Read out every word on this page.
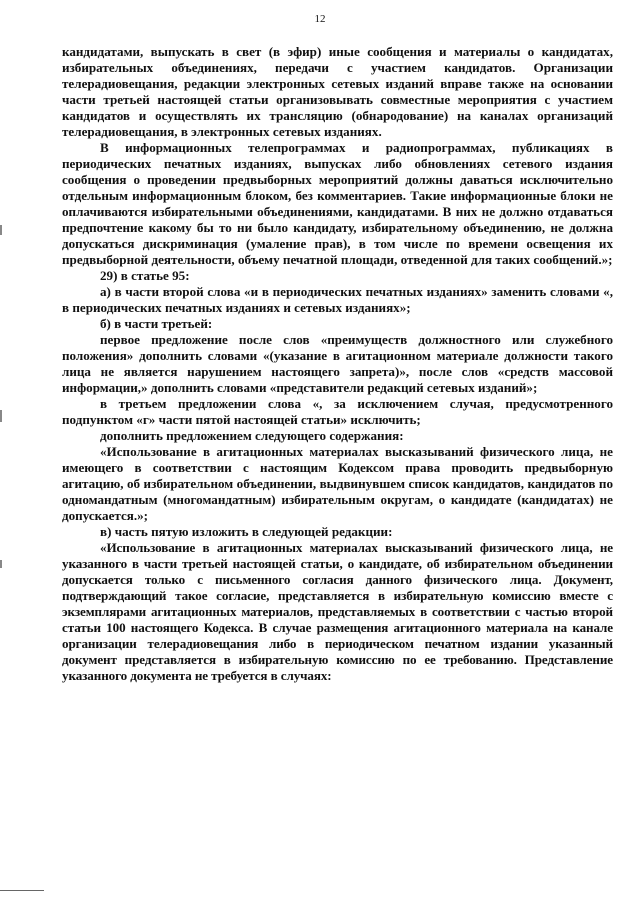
12

кандидатами, выпускать в свет (в эфир) иные сообщения и материалы о кандидатах, избирательных объединениях, передачи с участием кандидатов. Организации телерадиовещания, редакции электронных сетевых изданий вправе также на основании части третьей настоящей статьи организовывать совместные мероприятия с участием кандидатов и осуществлять их трансляцию (обнародование) на каналах организаций телерадиовещания, в электронных сетевых изданиях.

В информационных телепрограммах и радиопрограммах, публикациях в периодических печатных изданиях, выпусках либо обновлениях сетевого издания сообщения о проведении предвыборных мероприятий должны даваться исключительно отдельным информационным блоком, без комментариев. Такие информационные блоки не оплачиваются избирательными объединениями, кандидатами. В них не должно отдаваться предпочтение какому бы то ни было кандидату, избирательному объединению, не должна допускаться дискриминация (умаление прав), в том числе по времени освещения их предвыборной деятельности, объему печатной площади, отведенной для таких сообщений.»;

29) в статье 95:

а) в части второй слова «и в периодических печатных изданиях» заменить словами «, в периодических печатных изданиях и сетевых изданиях»;

б) в части третьей:

первое предложение после слов «преимуществ должностного или служебного положения» дополнить словами «(указание в агитационном материале должности такого лица не является нарушением настоящего запрета)», после слов «средств массовой информации,» дополнить словами «представители редакций сетевых изданий»;

в третьем предложении слова «, за исключением случая, предусмотренного подпунктом «г» части пятой настоящей статьи» исключить;

дополнить предложением следующего содержания:

«Использование в агитационных материалах высказываний физического лица, не имеющего в соответствии с настоящим Кодексом права проводить предвыборную агитацию, об избирательном объединении, выдвинувшем список кандидатов, кандидатов по одномандатным (многомандатным) избирательным округам, о кандидате (кандидатах) не допускается.»;

в) часть пятую изложить в следующей редакции:

«Использование в агитационных материалах высказываний физического лица, не указанного в части третьей настоящей статьи, о кандидате, об избирательном объединении допускается только с письменного согласия данного физического лица. Документ, подтверждающий такое согласие, представляется в избирательную комиссию вместе с экземплярами агитационных материалов, представляемых в соответствии с частью второй статьи 100 настоящего Кодекса. В случае размещения агитационного материала на канале организации телерадиовещания либо в периодическом печатном издании указанный документ представляется в избирательную комиссию по ее требованию. Представление указанного документа не требуется в случаях:
